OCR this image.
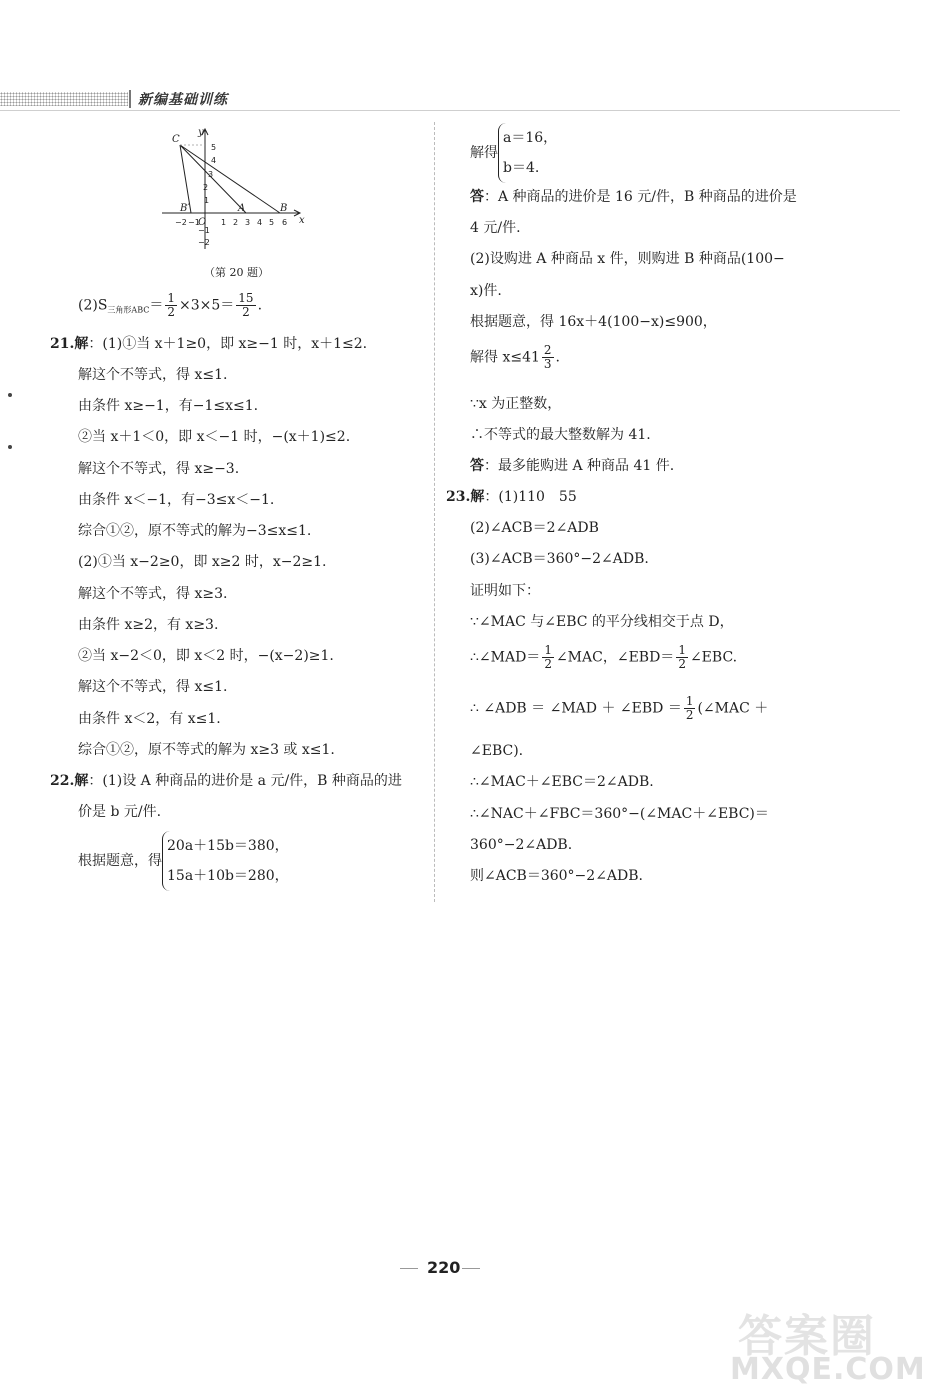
新编基础训练
C
B′
O
A	B
x
y
−2 −1	1 2 3 4 5 6
5
4
3
2
1
−1
−2
（第 20 题）
$(2)S_{三角形ABC}= \frac{1}{2} \times 3\times 5= \frac{15}{2}$ .
21.解：(1)①当 x＋1≥0，即 x≥−1 时，x＋1≤2.
解这个不等式，得 x≤1.
由条件 x≥−1，有−1≤x≤1.
②当 x＋1＜0，即 x＜−1 时，−(x＋1)≤2.
解这个不等式，得 x≥−3.
由条件 x＜−1，有−3≤x＜−1.
综合①②，原不等式的解为−3≤x≤1.
(2)①当 x−2≥0，即 x≥2 时，x−2≥1.
解这个不等式，得 x≥3.
由条件 x≥2，有 x≥3.
②当 x−2＜0，即 x＜2 时，−(x−2)≥1.
解这个不等式，得 x≤1.
由条件 x＜2，有 x≤1.
综合①②，原不等式的解为 x≥3 或 x≤1.
22.解：(1)设 A 种商品的进价是 a 元/件，B 种商品的进
价是 b 元/件.
根据题意，得
20a＋15b＝380，
15a＋10b＝280，
解得
a＝16，
b＝4.
答：A 种商品的进价是 16 元/件，B 种商品的进价是
4 元/件.
(2)设购进 A 种商品 x 件，则购进 B 种商品(100−
x)件.
根据题意，得 16x＋4(100−x)≤900，
解得 $x\le 41 \frac{2}{3}$ .
∵x 为正整数，
∴不等式的最大整数解为 41.
答：最多能购进 A 种商品 41 件.
23.解：(1)110　55
(2)∠ACB＝2∠ADB
(3)∠ACB＝360°−2∠ADB.
证明如下：
∵∠MAC 与∠EBC 的平分线相交于点 D，
∴∠MAD＝ $\frac{1}{2}$ ∠MAC，∠EBD＝ $\frac{1}{2}$ ∠EBC.
∴ ∠ADB ＝ ∠MAD ＋ ∠EBD ＝ $\frac{1}{2}$ (∠MAC ＋
∠EBC).
∴∠MAC＋∠EBC＝2∠ADB.
∴∠NAC＋∠FBC＝360°−(∠MAC＋∠EBC)＝
360°−2∠ADB.
则∠ACB＝360°−2∠ADB.
220
答案圈
MXQE.COM
